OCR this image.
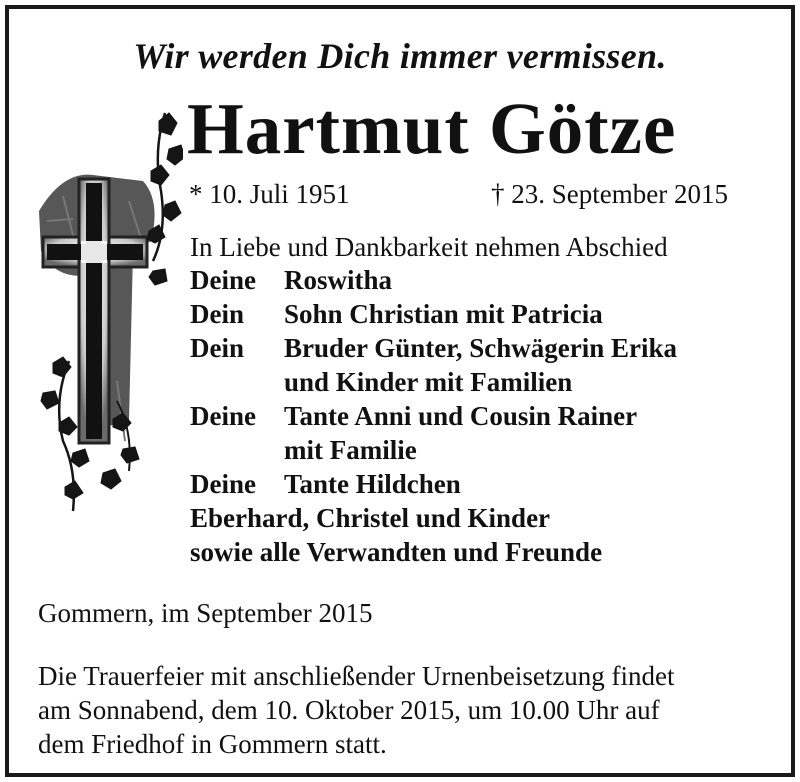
Wir werden Dich immer vermissen.
Hartmut Götze
* 10. Juli 1951	† 23. September 2015
In Liebe und Dankbarkeit nehmen Abschied
Deine Roswitha
Dein Sohn Christian mit Patricia
Dein Bruder Günter, Schwägerin Erika
und Kinder mit Familien
Deine Tante Anni und Cousin Rainer
mit Familie
Deine Tante Hildchen
Eberhard, Christel und Kinder
sowie alle Verwandten und Freunde
Gommern, im September 2015
Die Trauerfeier mit anschließender Urnenbeisetzung findet
am Sonnabend, dem 10. Oktober 2015, um 10.00 Uhr auf
dem Friedhof in Gommern statt.
